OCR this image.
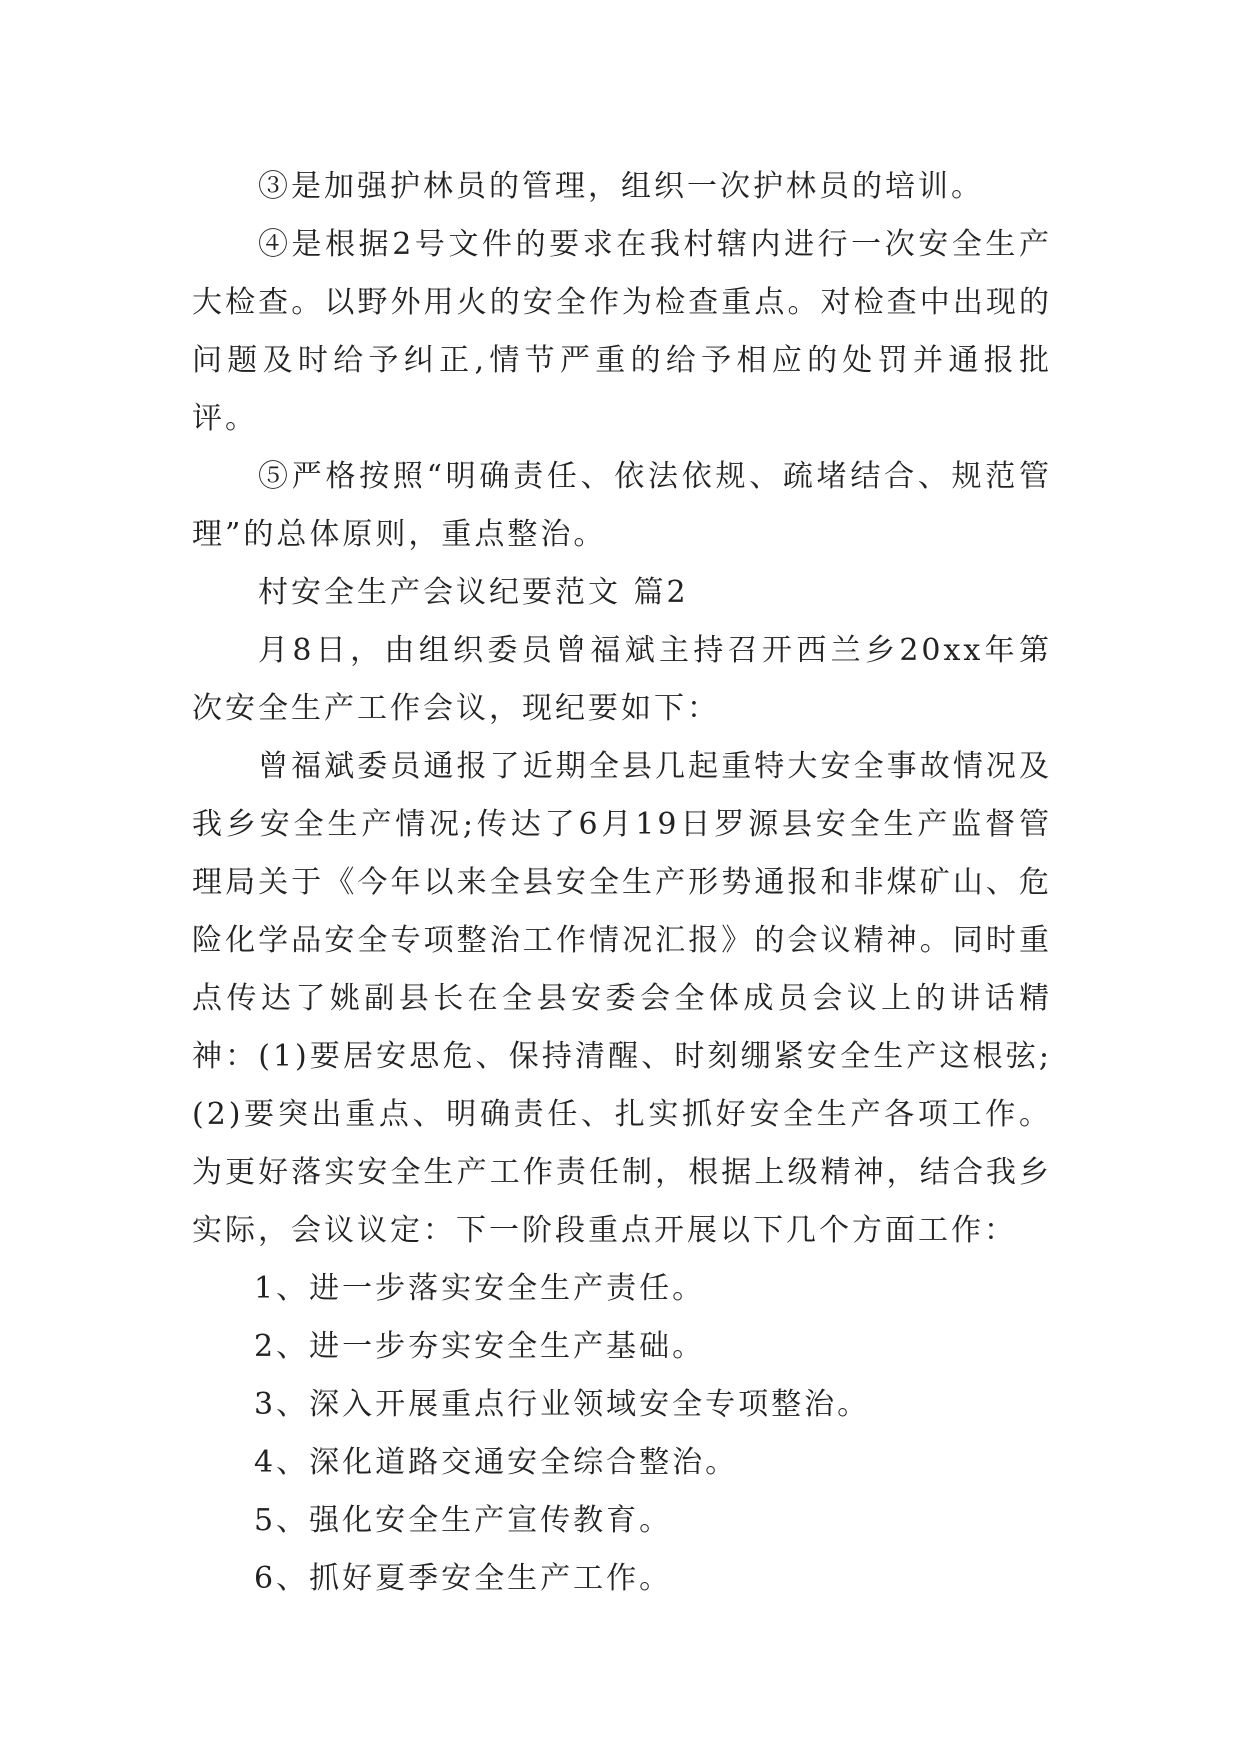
③是加强护林员的管理，组织一次护林员的培训。

④是根据2号文件的要求在我村辖内进行一次安全生产大检查。以野外用火的安全作为检查重点。对检查中出现的问题及时给予纠正,情节严重的给予相应的处罚并通报批评。

⑤严格按照“明确责任、依法依规、疏堵结合、规范管理”的总体原则，重点整治。

村安全生产会议纪要范文 篇2

月8日，由组织委员曾福斌主持召开西兰乡20xx年第次安全生产工作会议，现纪要如下：

曾福斌委员通报了近期全县几起重特大安全事故情况及我乡安全生产情况;传达了6月19日罗源县安全生产监督管理局关于《今年以来全县安全生产形势通报和非煤矿山、危险化学品安全专项整治工作情况汇报》的会议精神。同时重点传达了姚副县长在全县安委会全体成员会议上的讲话精神：(1)要居安思危、保持清醒、时刻绷紧安全生产这根弦;(2)要突出重点、明确责任、扎实抓好安全生产各项工作。为更好落实安全生产工作责任制，根据上级精神，结合我乡实际，会议议定：下一阶段重点开展以下几个方面工作：

1、进一步落实安全生产责任。

2、进一步夯实安全生产基础。

3、深入开展重点行业领域安全专项整治。

4、深化道路交通安全综合整治。

5、强化安全生产宣传教育。

6、抓好夏季安全生产工作。
